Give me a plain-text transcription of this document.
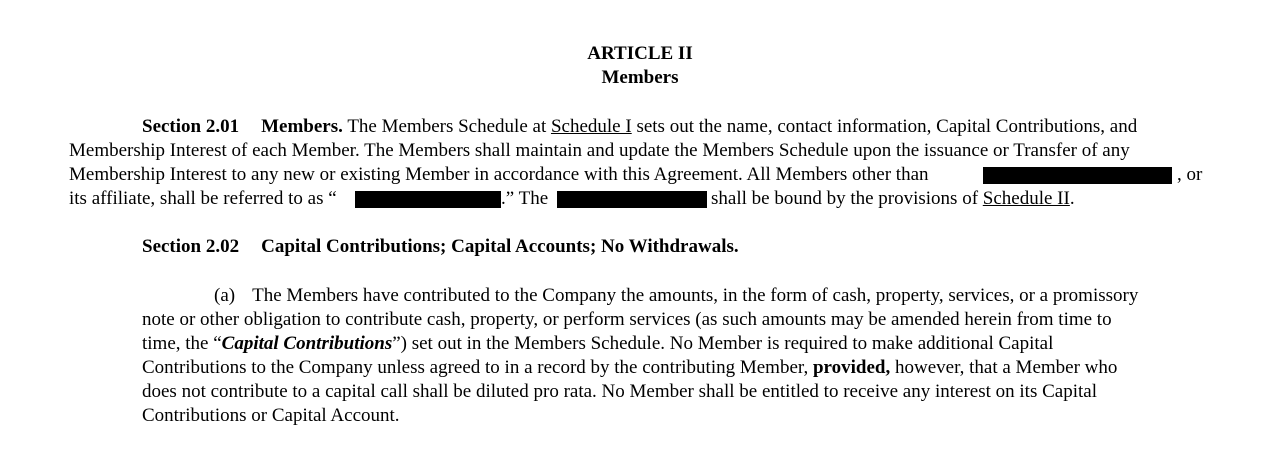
ARTICLE II
Members
Section 2.01 Members. The Members Schedule at Schedule I sets out the name, contact information, Capital Contributions, and
Membership Interest of each Member. The Members shall maintain and update the Members Schedule upon the issuance or Transfer of any
Membership Interest to any new or existing Member in accordance with this Agreement. All Members other than	, or
its affiliate, shall be referred to as “	.” The	shall be bound by the provisions of Schedule II.
Section 2.02 Capital Contributions; Capital Accounts; No Withdrawals.
(a) The Members have contributed to the Company the amounts, in the form of cash, property, services, or a promissory
note or other obligation to contribute cash, property, or perform services (as such amounts may be amended herein from time to
time, the “Capital Contributions”) set out in the Members Schedule. No Member is required to make additional Capital
Contributions to the Company unless agreed to in a record by the contributing Member, provided, however, that a Member who
does not contribute to a capital call shall be diluted pro rata. No Member shall be entitled to receive any interest on its Capital
Contributions or Capital Account.
